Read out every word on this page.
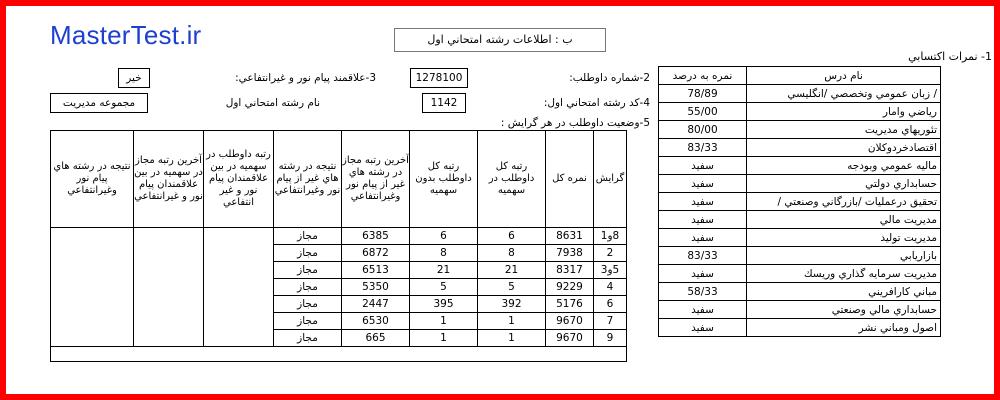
MasterTest.ir	ب : اطلاعات رشته امتحاني اول
1- نمرات اكتسابي
2-شماره داوطلب:
1278100
4-كد رشته امتحاني اول:
1142
3-علاقمند پيام نور و غيرانتفاعي:
خير
نام رشته امتحاني اول
مجموعه مديريت
5-وضعيت داوطلب در هر گرايش :
گرايش	نمره كل	رتبه كل داوطلب در سهميه	رتبه كل داوطلب بدون سهميه	آخرين رتبه مجاز در رشته هاي غير از پيام نور وغيرانتفاعي	نتيجه در رشته هاي غير از پيام نور وغيرانتفاعي	رتبه داوطلب در سهميه در بين علاقمندان پيام نور و غير انتفاعي	آخرين رتبه مجاز در سهميه در بين علاقمندان پيام نور و غيرانتفاعي	نتيجه در رشته هاي پيام نور وغيرانتفاعي
8و1	8631	6	6	6385	مجاز			
2	7938	8	8	6872	مجاز			
5و3	8317	21	21	6513	مجاز			
4	9229	5	5	5350	مجاز			
6	5176	392	395	2447	مجاز			
7	9670	1	1	6530	مجاز			
9	9670	1	1	665	مجاز			

نام درس	نمره به درصد
/ زبان عمومي وتخصصي /انگليسي	78/89
رياضي وامار	55/00
تئوريهاي مديريت	80/00
اقتصادخردوكلان	83/33
ماليه عمومي وبودجه	سفيد
حسابداري دولتي	سفيد
تحقيق درعمليات /بازرگاني وصنعتي /	سفيد
مديريت مالي	سفيد
مديريت توليد	سفيد
بازاريابي	83/33
مديريت سرمايه گذاري وريسك	سفيد
مباني كارافريني	58/33
حسابداري مالي وصنعتي	سفيد
اصول ومباني نشر	سفيد
